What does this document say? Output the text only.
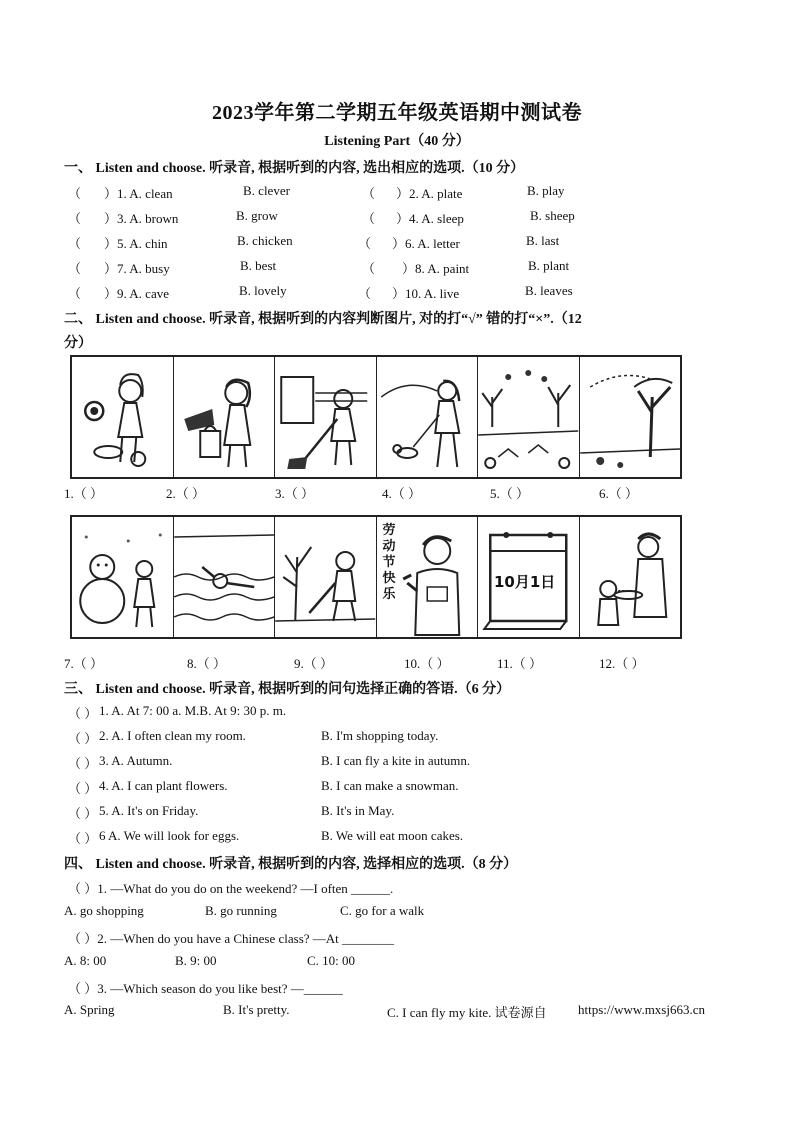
2023学年第二学期五年级英语期中测试卷
Listening Part（40 分）
一、 Listen and choose. 听录音, 根据听到的内容, 选出相应的选项.（10 分）
（ ）1. A. clean	B. clever	（ ）2. A. plate	B. play
（ ）3. A. brown	B. grow	（ ）4. A. sleep	B. sheep
（ ）5. A. chin	B. chicken	（ ）6. A. letter	B. last
（ ）7. A. busy	B. best	（ ）8. A. paint	B. plant
（ ）9. A. cave	B. lovely	（ ）10. A. live	B. leaves
二、 Listen and choose. 听录音, 根据听到的内容判断图片, 对的打“√” 错的打“×”.（12
分）
1.（ ）	2.（ ）	3.（ ）	4.（ ）	5.（ ）	6.（ ）
劳
动
节
快
乐
10月1日
7.（ ）	8.（ ）	9.（ ）	10.（ ）	11.（ ）	12.（ ）
三、 Listen and choose. 听录音, 根据听到的问句选择正确的答语.（6 分）
（ ） 1. A. At 7: 00 a. M.B. At 9: 30 p. m.
（ ） 2. A. I often clean my room.	B. I'm shopping today.
（ ） 3. A. Autumn.	B. I can fly a kite in autumn.
（ ） 4. A. I can plant flowers.	B. I can make a snowman.
（ ） 5. A. It's on Friday.	B. It's in May.
（ ） 6 A. We will look for eggs.	B. We will eat moon cakes.
四、 Listen and choose. 听录音, 根据听到的内容, 选择相应的选项.（8 分）
（ ）1. —What do you do on the weekend? —I often ______.
A. go shopping	B. go running	C. go for a walk
（ ）2. —When do you have a Chinese class? —At ________
A. 8: 00	B. 9: 00	C. 10: 00
（ ）3. —Which season do you like best? —______
A. Spring	B. It's pretty.	C. I can fly my kite. 试卷源自 https://www.mxsj663.cn
